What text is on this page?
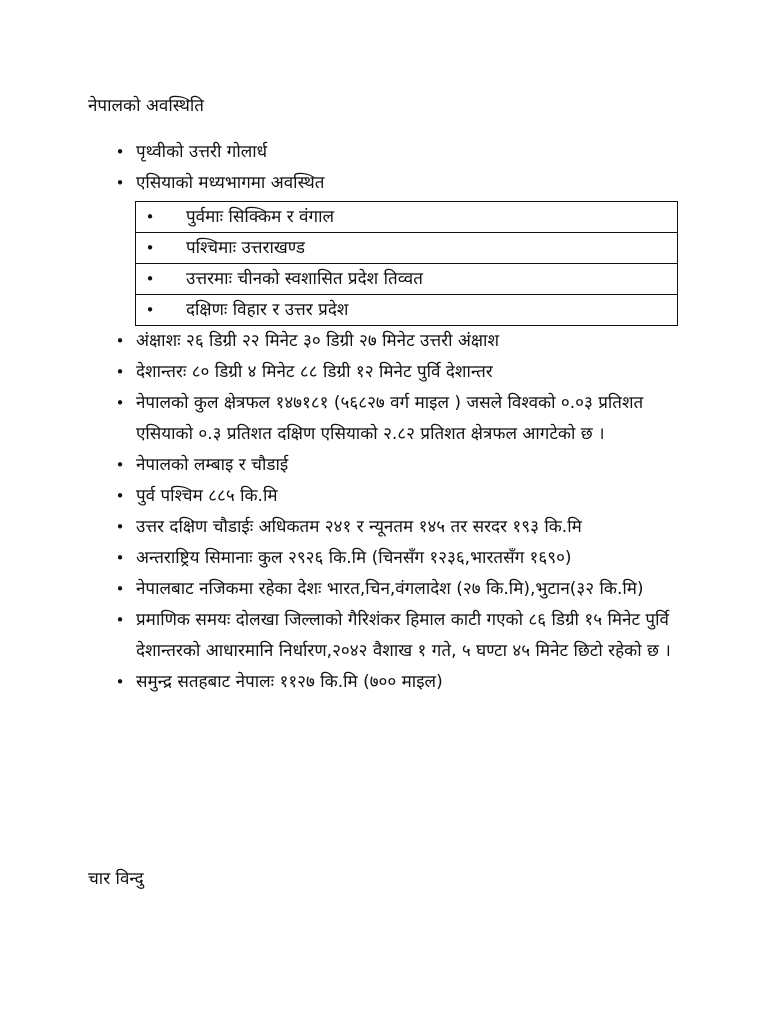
नेपालको अवस्थिति
• पृथ्वीको उत्तरी गोलार्ध
• एसियाको मध्यभागमा अवस्थित
• पुर्वमाः सिक्किम र वंगाल

• पश्चिमाः उत्तराखण्ड

• उत्तरमाः चीनको स्वशासित प्रदेश तिव्वत

• दक्षिणः विहार र उत्तर प्रदेश
• अंक्षाशः २६ डिग्री २२ मिनेट ३० डिग्री २७ मिनेट उत्तरी अंक्षाश
• देशान्तरः ८० डिग्री ४ मिनेट ८८ डिग्री १२ मिनेट पुर्वि देशान्तर
• नेपालको कुल क्षेत्रफल १४७१८१ (५६८२७ वर्ग माइल ) जसले विश्वको ०.०३ प्रतिशत एसियाको ०.३ प्रतिशत दक्षिण एसियाको २.८२ प्रतिशत क्षेत्रफल आगटेको छ ।
• नेपालको लम्बाइ र चौडाई
• पुर्व पश्चिम ८८५ कि.मि
• उत्तर दक्षिण चौडाईः अधिकतम २४१ र न्यूनतम १४५ तर सरदर १९३ कि.मि
• अन्तराष्ट्रिय सिमानाः कुल २९२६ कि.मि (चिनसँग १२३६,भारतसँग १६९०)
• नेपालबाट नजिकमा रहेका देशः भारत,चिन,वंगलादेश (२७ कि.मि),भुटान(३२ कि.मि)
• प्रमाणिक समयः दोलखा जिल्लाको गैरिशंकर हिमाल काटी गएको ८६ डिग्री १५ मिनेट पुर्वि देशान्तरको आधारमानि निर्धारण,२०४२ वैशाख १ गते, ५ घण्टा ४५ मिनेट छिटो रहेको छ ।
• समुन्द्र सतहबाट नेपालः ११२७ कि.मि (७०० माइल)
चार विन्दु
